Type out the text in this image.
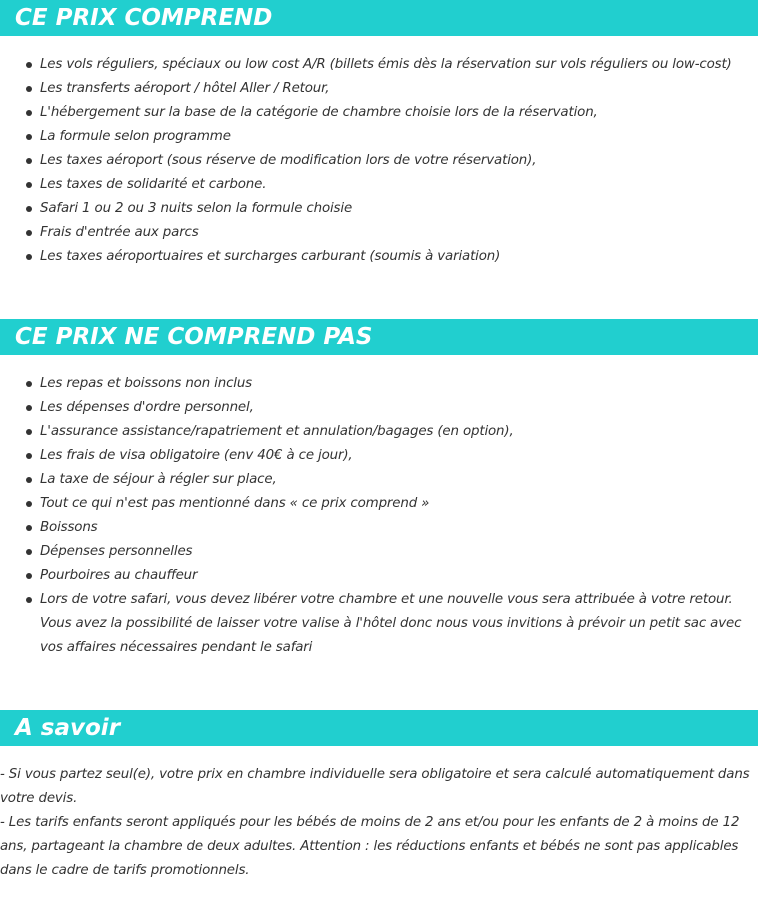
CE PRIX COMPREND
Les vols réguliers, spéciaux ou low cost A/R (billets émis dès la réservation sur vols réguliers ou low-cost)
Les transferts aéroport / hôtel Aller / Retour,
L'hébergement sur la base de la catégorie de chambre choisie lors de la réservation,
La formule selon programme
Les taxes aéroport (sous réserve de modification lors de votre réservation),
Les taxes de solidarité et carbone.
Safari 1 ou 2 ou 3 nuits selon la formule choisie
Frais d'entrée aux parcs
Les taxes aéroportuaires et surcharges carburant (soumis à variation)
CE PRIX NE COMPREND PAS
Les repas et boissons non inclus
Les dépenses d'ordre personnel,
L'assurance assistance/rapatriement et annulation/bagages (en option),
Les frais de visa obligatoire (env 40€ à ce jour),
La taxe de séjour à régler sur place,
Tout ce qui n'est pas mentionné dans « ce prix comprend »
Boissons
Dépenses personnelles
Pourboires au chauffeur
Lors de votre safari, vous devez libérer votre chambre et une nouvelle vous sera attribuée à votre retour. Vous avez la possibilité de laisser votre valise à l'hôtel donc nous vous invitions à prévoir un petit sac avec vos affaires nécessaires pendant le safari
A savoir

- Si vous partez seul(e), votre prix en chambre individuelle sera obligatoire et sera calculé automatiquement dans votre devis.

- Les tarifs enfants seront appliqués pour les bébés de moins de 2 ans et/ou pour les enfants de 2 à moins de 12 ans, partageant la chambre de deux adultes. Attention : les réductions enfants et bébés ne sont pas applicables dans le cadre de tarifs promotionnels.
